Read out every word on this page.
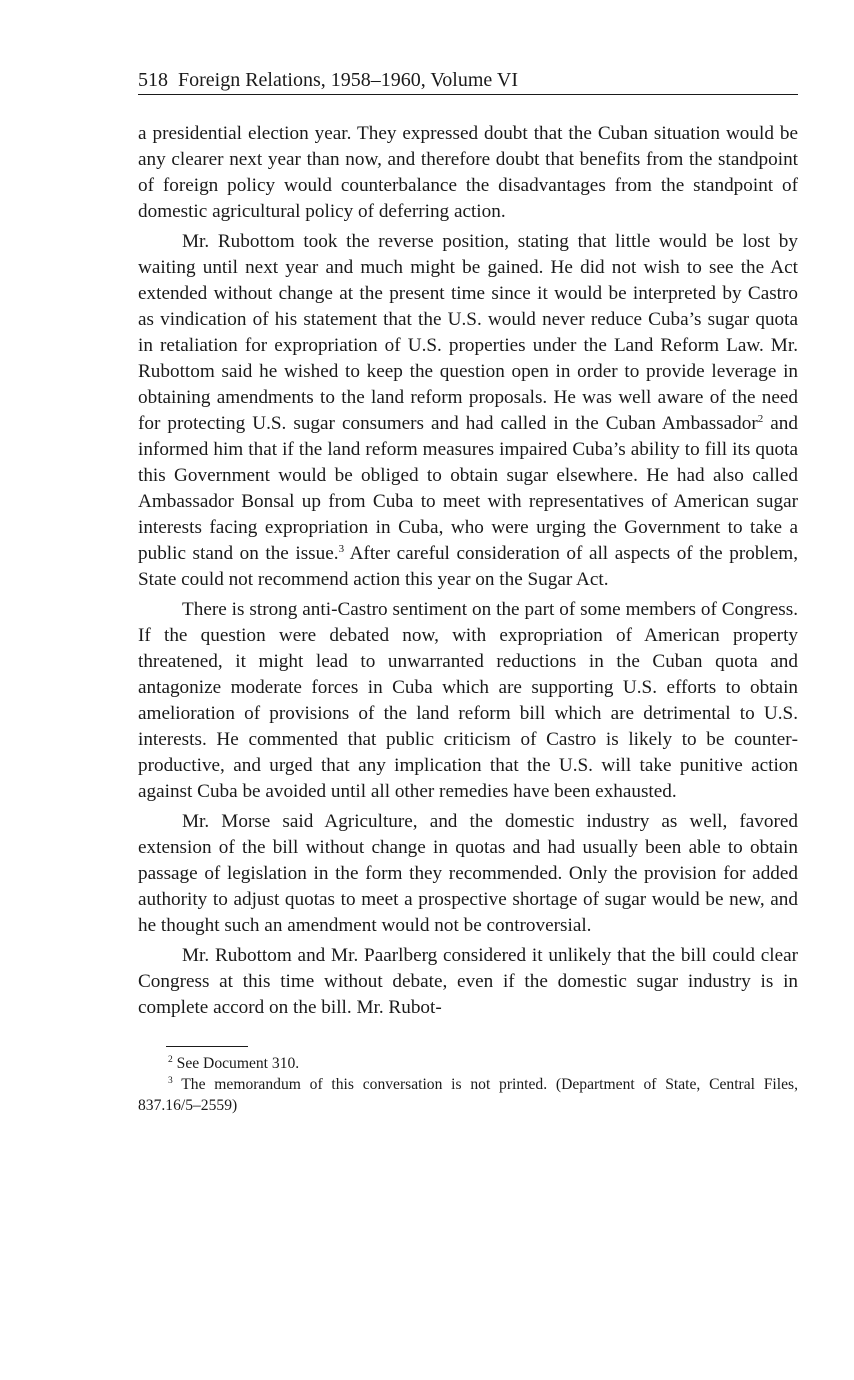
518 Foreign Relations, 1958–1960, Volume VI

a presidential election year. They expressed doubt that the Cuban situation would be any clearer next year than now, and therefore doubt that benefits from the standpoint of foreign policy would counterbalance the disadvantages from the standpoint of domestic agricultural policy of deferring action.

Mr. Rubottom took the reverse position, stating that little would be lost by waiting until next year and much might be gained. He did not wish to see the Act extended without change at the present time since it would be interpreted by Castro as vindication of his statement that the U.S. would never reduce Cuba’s sugar quota in retaliation for expropriation of U.S. properties under the Land Reform Law. Mr. Rubottom said he wished to keep the question open in order to provide leverage in obtaining amendments to the land reform proposals. He was well aware of the need for protecting U.S. sugar consumers and had called in the Cuban Ambassador$^2$ and informed him that if the land reform measures impaired Cuba’s ability to fill its quota this Government would be obliged to obtain sugar elsewhere. He had also called Ambassador Bonsal up from Cuba to meet with representatives of American sugar interests facing expropriation in Cuba, who were urging the Government to take a public stand on the issue.$^3$ After careful consideration of all aspects of the problem, State could not recommend action this year on the Sugar Act.

There is strong anti-Castro sentiment on the part of some members of Congress. If the question were debated now, with expropriation of American property threatened, it might lead to unwarranted reductions in the Cuban quota and antagonize moderate forces in Cuba which are supporting U.S. efforts to obtain amelioration of provisions of the land reform bill which are detrimental to U.S. interests. He commented that public criticism of Castro is likely to be counterproductive, and urged that any implication that the U.S. will take punitive action against Cuba be avoided until all other remedies have been exhausted.

Mr. Morse said Agriculture, and the domestic industry as well, favored extension of the bill without change in quotas and had usually been able to obtain passage of legislation in the form they recommended. Only the provision for added authority to adjust quotas to meet a prospective shortage of sugar would be new, and he thought such an amendment would not be controversial.

Mr. Rubottom and Mr. Paarlberg considered it unlikely that the bill could clear Congress at this time without debate, even if the domestic sugar industry is in complete accord on the bill. Mr. Rubot-

$^2$ See Document 310.

$^3$ The memorandum of this conversation is not printed. (Department of State, Central Files, 837.16/5–2559)
